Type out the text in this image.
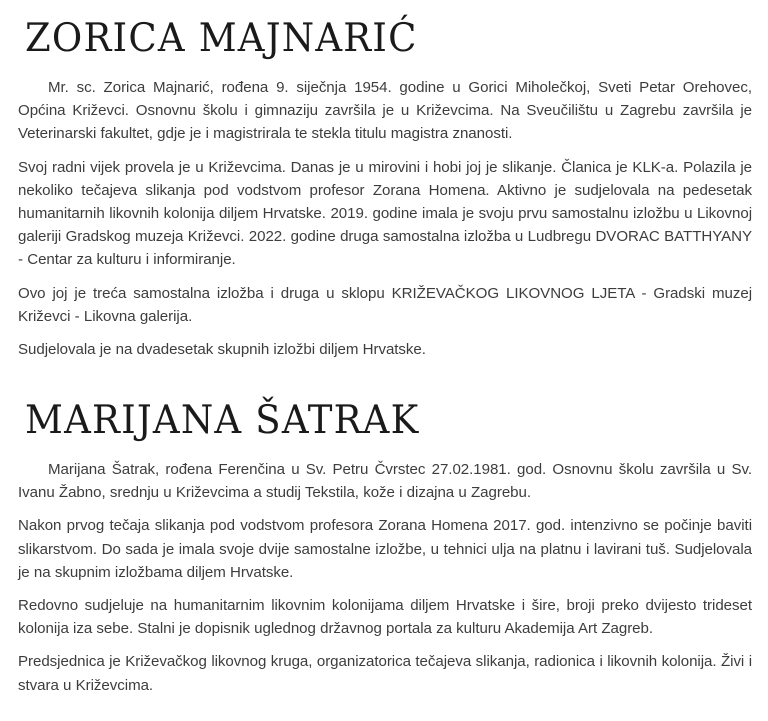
ZORICA MAJNARIĆ

Mr. sc. Zorica Majnarić, rođena 9. siječnja 1954. godine u Gorici Miholečkoj, Sveti Petar Orehovec, Općina Križevci. Osnovnu školu i gimnaziju završila je u Križevcima. Na Sveučilištu u Zagrebu završila je Veterinarski fakultet, gdje je i magistrirala te stekla titulu magistra znanosti.

Svoj radni vijek provela je u Križevcima. Danas je u mirovini i hobi joj je slikanje. Članica je KLK-a. Polazila je nekoliko tečajeva slikanja pod vodstvom profesor Zorana Homena. Aktivno je sudjelovala na pedesetak humanitarnih likovnih kolonija diljem Hrvatske. 2019. godine imala je svoju prvu samostalnu izložbu u Likovnoj galeriji Gradskog muzeja Križevci. 2022. godine druga samostalna izložba u Ludbregu DVORAC BATTHYANY - Centar za kulturu i informiranje.

Ovo joj je treća samostalna izložba i druga u sklopu KRIŽEVAČKOG LIKOVNOG LJETA - Gradski muzej Križevci - Likovna galerija.

Sudjelovala je na dvadesetak skupnih izložbi diljem Hrvatske.

MARIJANA ŠATRAK

Marijana Šatrak, rođena Ferenčina u Sv. Petru Čvrstec 27.02.1981. god. Osnovnu školu završila u Sv. Ivanu Žabno, srednju u Križevcima a studij Tekstila, kože i dizajna u Zagrebu.

Nakon prvog tečaja slikanja pod vodstvom profesora Zorana Homena 2017. god. intenzivno se počinje baviti slikarstvom. Do sada je imala svoje dvije samostalne izložbe, u tehnici ulja na platnu i lavirani tuš. Sudjelovala je na skupnim izložbama diljem Hrvatske.

Redovno sudjeluje na humanitarnim likovnim kolonijama diljem Hrvatske i šire, broji preko dvijesto trideset kolonija iza sebe. Stalni je dopisnik uglednog državnog portala za kulturu Akademija Art Zagreb.

Predsjednica je Križevačkog likovnog kruga, organizatorica tečajeva slikanja, radionica i likovnih kolonija. Živi i stvara u Križevcima.
